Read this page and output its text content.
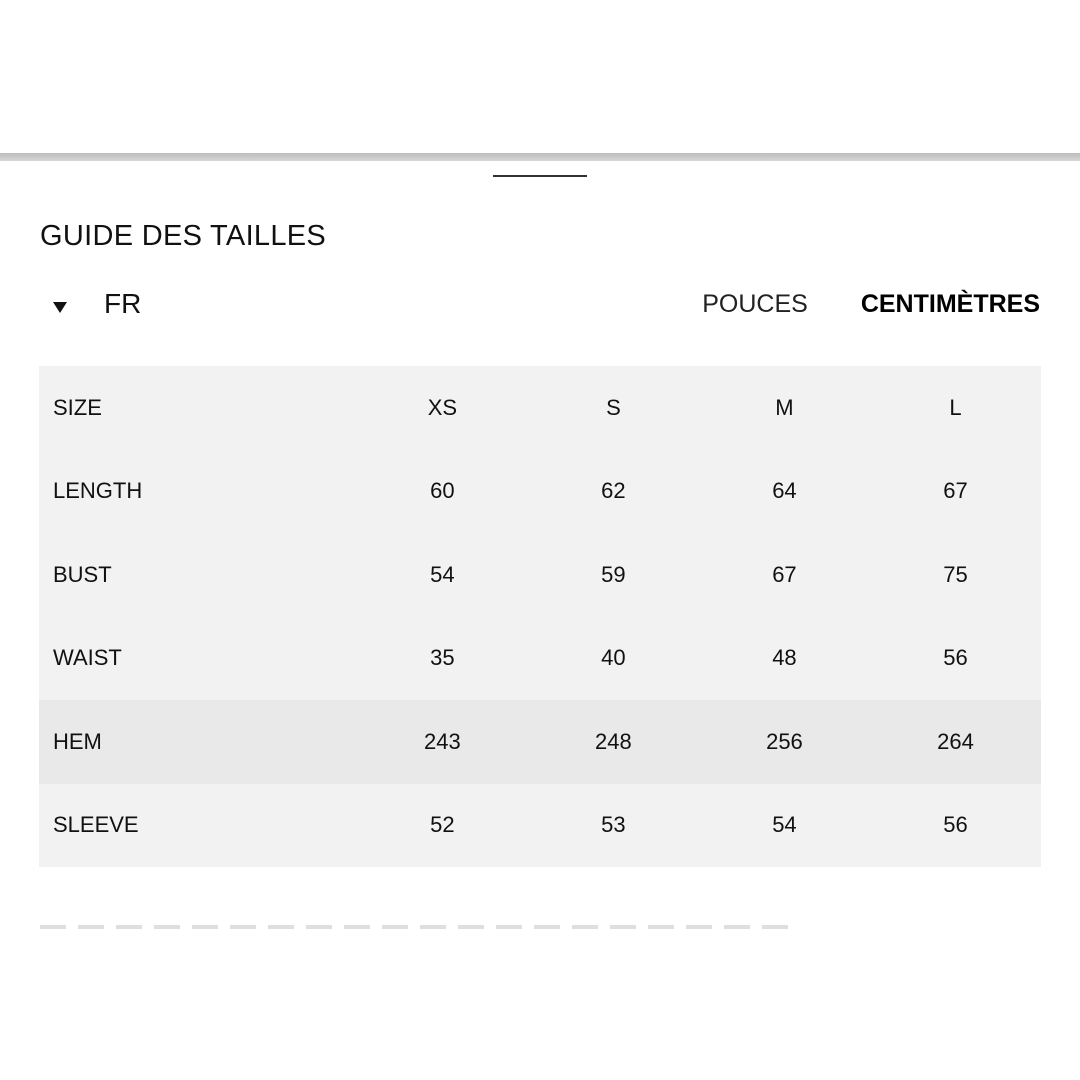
GUIDE DES TAILLES
FR	POUCES CENTIMÈTRES
SIZE	XS	S	M	L
LENGTH	60	62	64	67
BUST	54	59	67	75
WAIST	35	40	48	56
HEM	243	248	256	264
SLEEVE	52	53	54	56
